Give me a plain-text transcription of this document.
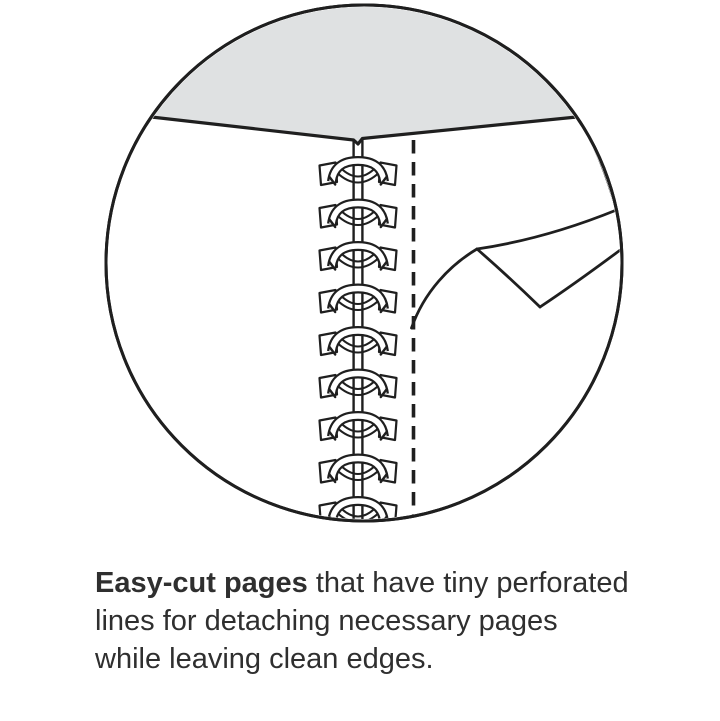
Easy-cut pages that have tiny perforated
lines for detaching necessary pages
while leaving clean edges.
